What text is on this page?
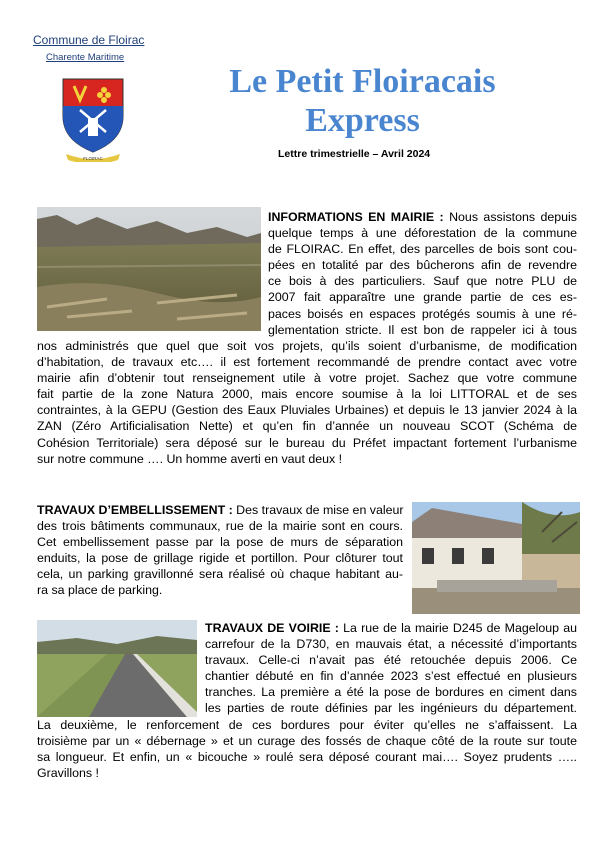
Commune de Floirac
Charente Maritime
FLOIRAC
Le Petit Floiracais
Express
Lettre trimestrielle – Avril 2024
INFORMATIONS EN MAIRIE : Nous assistons depuis
quelque temps à une déforestation de la commune
de FLOIRAC. En effet, des parcelles de bois sont cou-
pées en totalité par des bûcherons afin de revendre
ce bois à des particuliers. Sauf que notre PLU de
2007 fait apparaître une grande partie de ces es-
paces boisés en espaces protégés soumis à une ré-
glementation stricte. Il est bon de rappeler ici à tous
nos administrés que quel que soit vos projets, qu’ils soient d’urbanisme, de modification
d’habitation, de travaux etc…. il est fortement recommandé de prendre contact avec votre
mairie afin d’obtenir tout renseignement utile à votre projet. Sachez que votre commune
fait partie de la zone Natura 2000, mais encore soumise à la loi LITTORAL et de ses
contraintes, à la GEPU (Gestion des Eaux Pluviales Urbaines) et depuis le 13 janvier 2024 à la
ZAN (Zéro Artificialisation Nette) et qu’en fin d’année un nouveau SCOT (Schéma de
Cohésion Territoriale) sera déposé sur le bureau du Préfet impactant fortement l’urbanisme
sur notre commune …. Un homme averti en vaut deux !
TRAVAUX D’EMBELLISSEMENT : Des travaux de mise en valeur
des trois bâtiments communaux, rue de la mairie sont en cours.
Cet embellissement passe par la pose de murs de séparation
enduits, la pose de grillage rigide et portillon. Pour clôturer tout
cela, un parking gravillonné sera réalisé où chaque habitant au-
ra sa place de parking.
TRAVAUX DE VOIRIE : La rue de la mairie D245 de Mageloup au
carrefour de la D730, en mauvais état, a nécessité d’importants
travaux. Celle-ci n’avait pas été retouchée depuis 2006. Ce
chantier débuté en fin d’année 2023 s’est effectué en plusieurs
tranches. La première a été la pose de bordures en ciment dans
les parties de route définies par les ingénieurs du département.
La deuxième, le renforcement de ces bordures pour éviter qu’elles ne s’affaissent. La
troisième par un « débernage » et un curage des fossés de chaque côté de la route sur toute
sa longueur. Et enfin, un « bicouche » roulé sera déposé courant mai…. Soyez prudents …..
Gravillons !
